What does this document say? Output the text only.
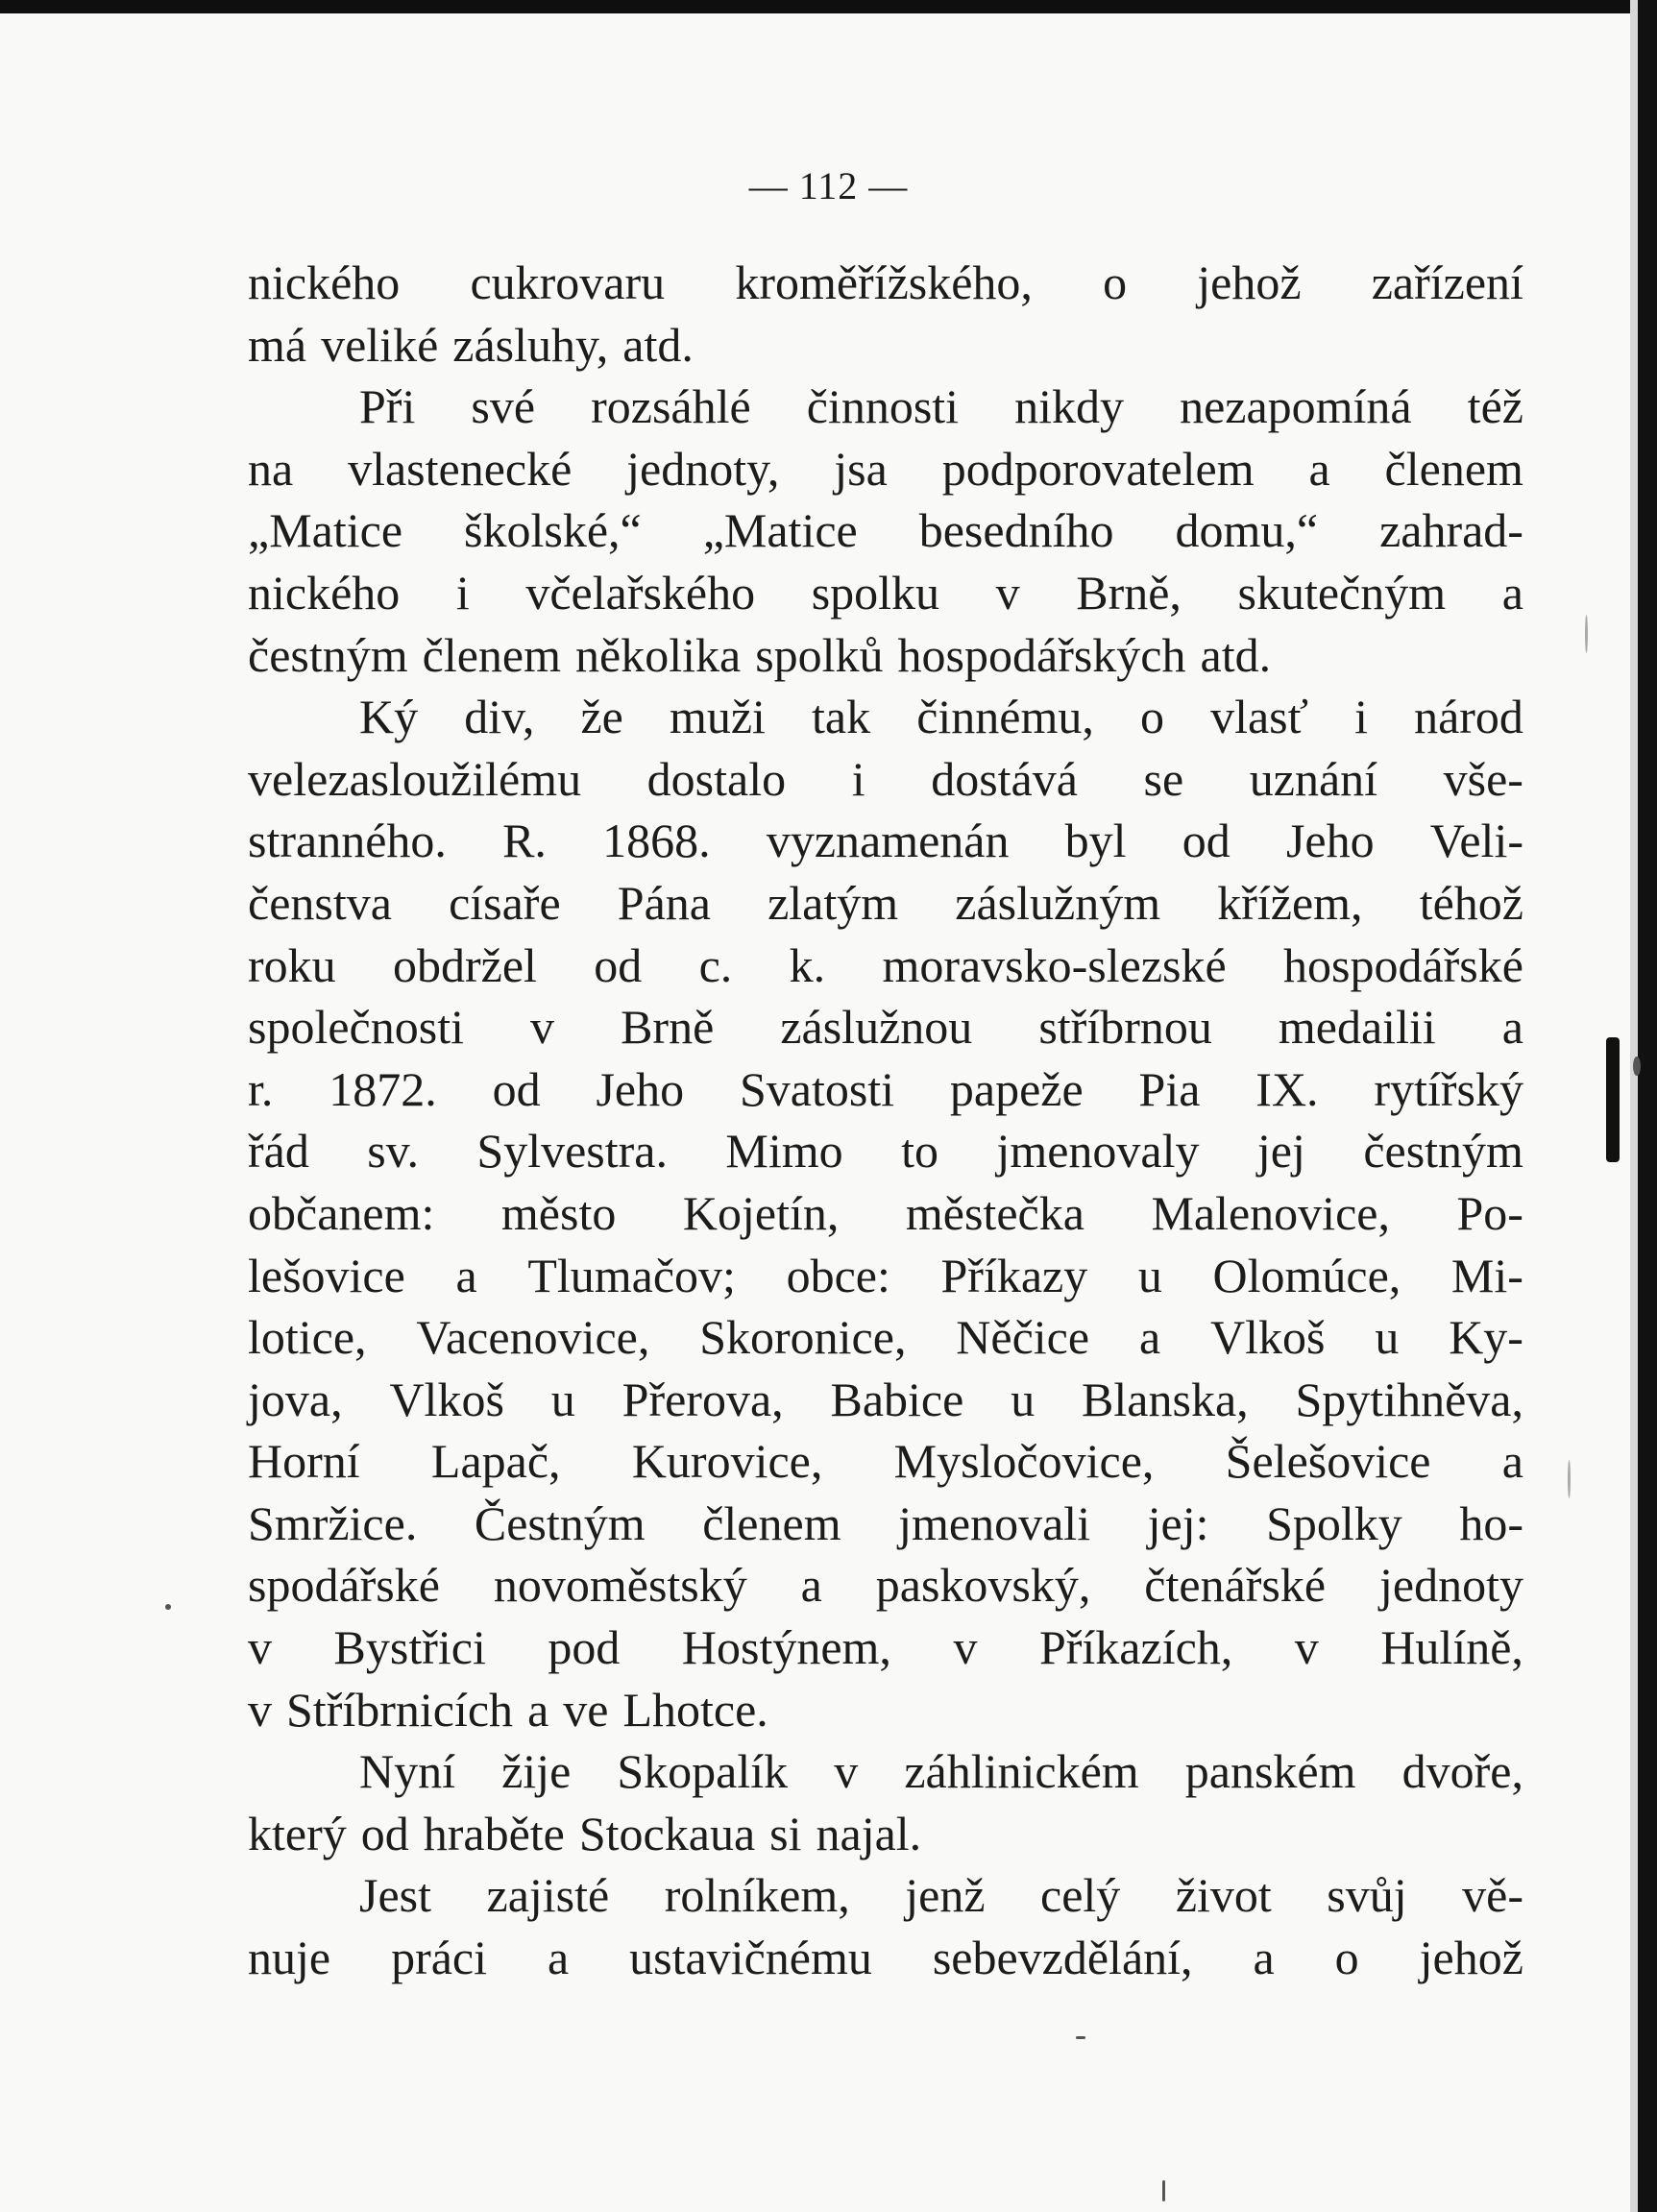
— 112 —
nického cukrovaru kroměřížského, o jehož zařízení
má veliké zásluhy, atd.
Při své rozsáhlé činnosti nikdy nezapomíná též
na vlastenecké jednoty, jsa podporovatelem a členem
„Matice školské,“ „Matice besedního domu,“ zahrad-
nického i včelařského spolku v Brně, skutečným a
čestným členem několika spolků hospodářských atd.
Ký div, že muži tak činnému, o vlasť i národ
velezasloužilému dostalo i dostává se uznání vše-
stranného. R. 1868. vyznamenán byl od Jeho Veli-
čenstva císaře Pána zlatým záslužným křížem, téhož
roku obdržel od c. k. moravsko-slezské hospodářské
společnosti v Brně záslužnou stříbrnou medailii a
r. 1872. od Jeho Svatosti papeže Pia IX. rytířský
řád sv. Sylvestra. Mimo to jmenovaly jej čestným
občanem: město Kojetín, městečka Malenovice, Po-
lešovice a Tlumačov; obce: Příkazy u Olomúce, Mi-
lotice, Vacenovice, Skoronice, Něčice a Vlkoš u Ky-
jova, Vlkoš u Přerova, Babice u Blanska, Spytihněva,
Horní Lapač, Kurovice, Mysločovice, Šelešovice a
Smržice. Čestným členem jmenovali jej: Spolky ho-
spodářské novoměstský a paskovský, čtenářské jednoty
v Bystřici pod Hostýnem, v Příkazích, v Hulíně,
v Stříbrnicích a ve Lhotce.
Nyní žije Skopalík v záhlinickém panském dvoře,
který od hraběte Stockaua si najal.
Jest zajisté rolníkem, jenž celý život svůj vě-
nuje práci a ustavičnému sebevzdělání, a o jehož
